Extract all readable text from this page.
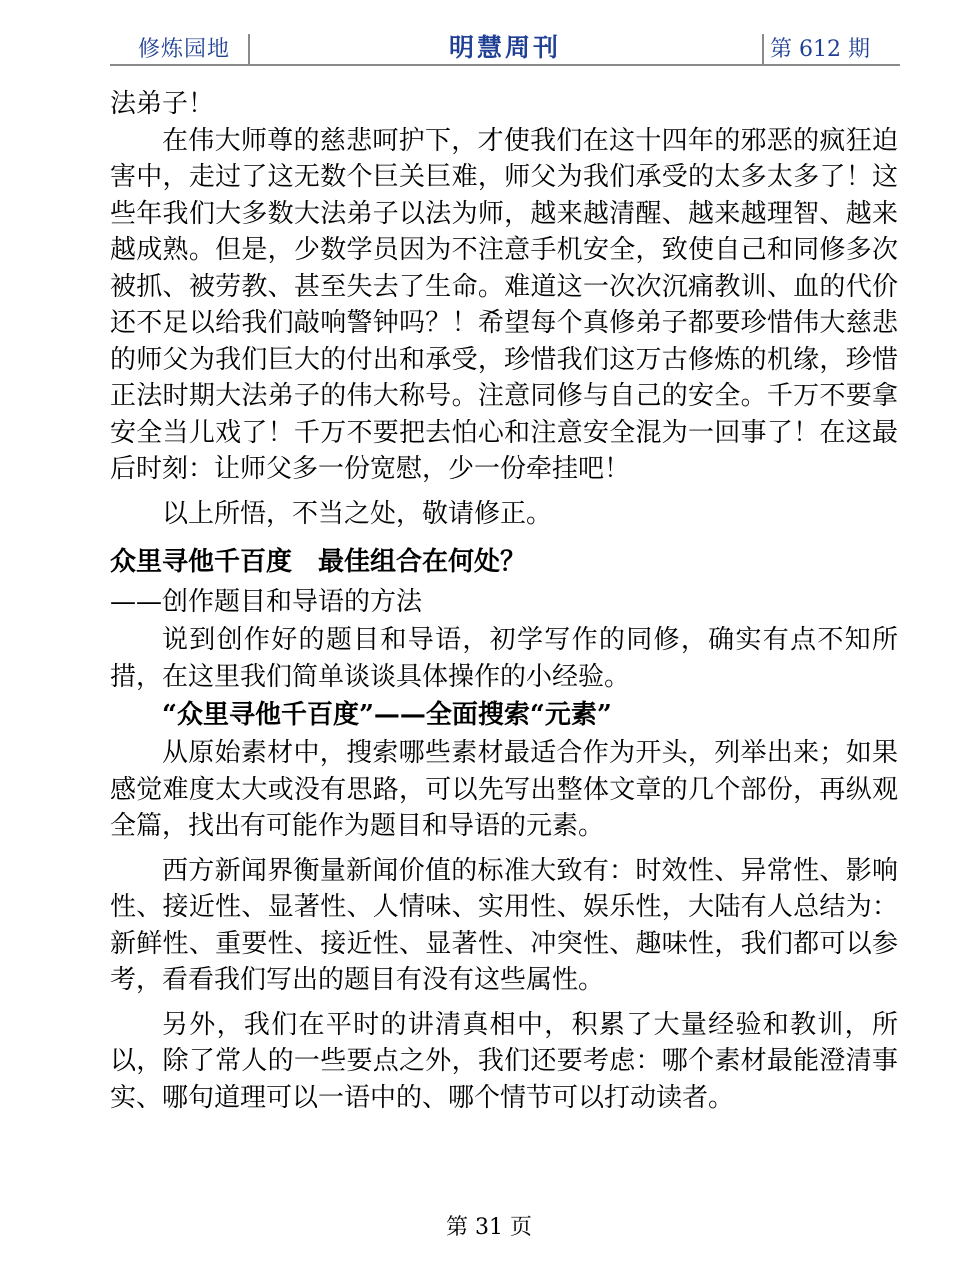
修炼园地	明慧周刊	第 612 期

法弟子！

在伟大师尊的慈悲呵护下，才使我们在这十四年的邪恶的疯狂迫害中，走过了这无数个巨关巨难，师父为我们承受的太多太多了！这些年我们大多数大法弟子以法为师，越来越清醒、越来越理智、越来越成熟。但是，少数学员因为不注意手机安全，致使自己和同修多次被抓、被劳教、甚至失去了生命。难道这一次次沉痛教训、血的代价还不足以给我们敲响警钟吗？！希望每个真修弟子都要珍惜伟大慈悲的师父为我们巨大的付出和承受，珍惜我们这万古修炼的机缘，珍惜正法时期大法弟子的伟大称号。注意同修与自己的安全。千万不要拿安全当儿戏了！千万不要把去怕心和注意安全混为一回事了！在这最后时刻：让师父多一份宽慰，少一份牵挂吧！

以上所悟，不当之处，敬请修正。

众里寻他千百度　最佳组合在何处？
——创作题目和导语的方法

说到创作好的题目和导语，初学写作的同修，确实有点不知所措，在这里我们简单谈谈具体操作的小经验。

“众里寻他千百度”——全面搜索“元素”

从原始素材中，搜索哪些素材最适合作为开头，列举出来；如果感觉难度太大或没有思路，可以先写出整体文章的几个部份，再纵观全篇，找出有可能作为题目和导语的元素。

西方新闻界衡量新闻价值的标准大致有：时效性、异常性、影响性、接近性、显著性、人情味、实用性、娱乐性，大陆有人总结为：新鲜性、重要性、接近性、显著性、冲突性、趣味性，我们都可以参考，看看我们写出的题目有没有这些属性。

另外，我们在平时的讲清真相中，积累了大量经验和教训，所以，除了常人的一些要点之外，我们还要考虑：哪个素材最能澄清事实、哪句道理可以一语中的、哪个情节可以打动读者。

第 31 页
